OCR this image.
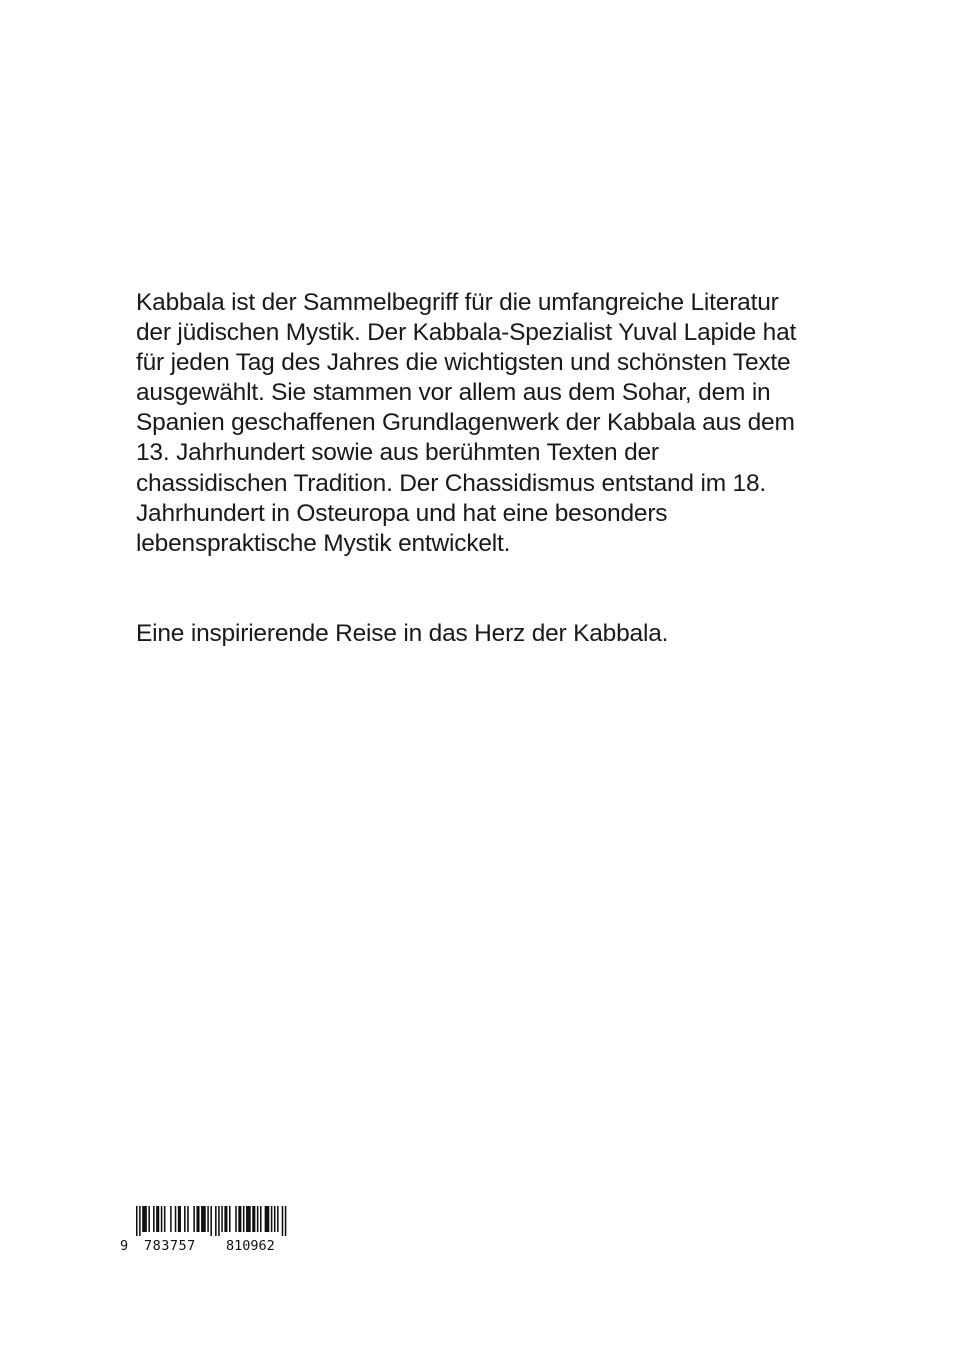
Kabbala ist der Sammelbegriff für die umfangreiche Literatur
der jüdischen Mystik. Der Kabbala-Spezialist Yuval Lapide hat
für jeden Tag des Jahres die wichtigsten und schönsten Texte
ausgewählt. Sie stammen vor allem aus dem Sohar, dem in
Spanien geschaffenen Grundlagenwerk der Kabbala aus dem
13. Jahrhundert sowie aus berühmten Texten der
chassidischen Tradition. Der Chassidismus entstand im 18.
Jahrhundert in Osteuropa und hat eine besonders
lebenspraktische Mystik entwickelt.

Eine inspirierende Reise in das Herz der Kabbala.

9 783757 810962
